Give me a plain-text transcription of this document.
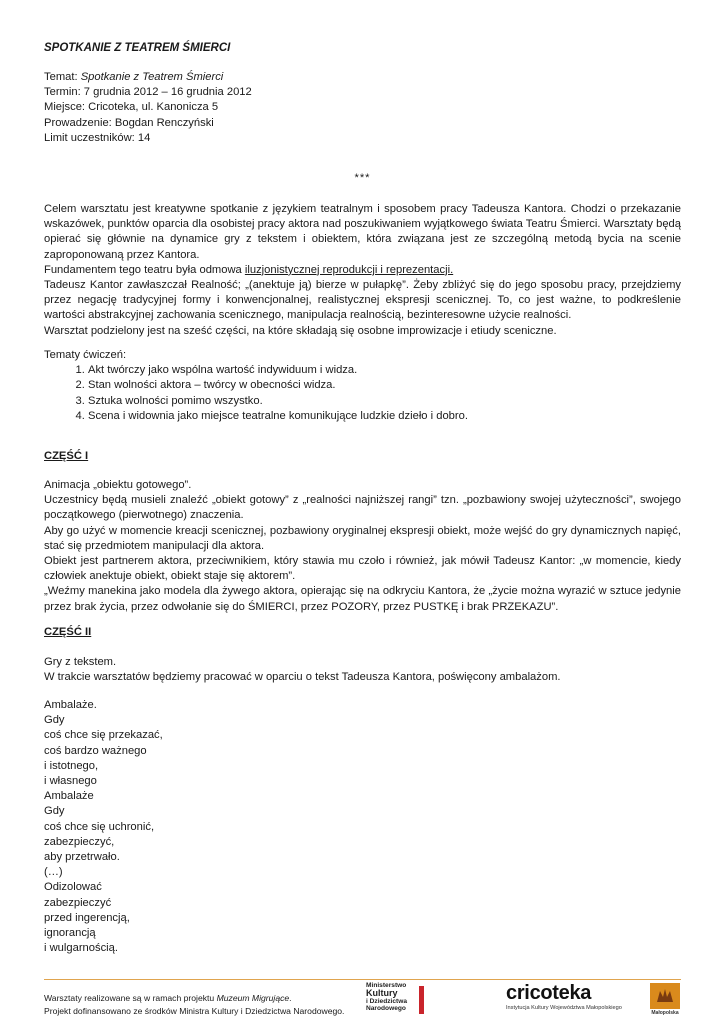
SPOTKANIE Z TEATREM ŚMIERCI
Temat: Spotkanie z Teatrem Śmierci
Termin: 7 grudnia 2012 – 16 grudnia 2012
Miejsce: Cricoteka, ul. Kanonicza 5
Prowadzenie: Bogdan Renczyński
Limit uczestników: 14
***

Celem warsztatu jest kreatywne spotkanie z językiem teatralnym i sposobem pracy Tadeusza Kantora. Chodzi o przekazanie wskazówek, punktów oparcia dla osobistej pracy aktora nad poszukiwaniem wyjątkowego świata Teatru Śmierci. Warsztaty będą opierać się głównie na dynamice gry z tekstem i obiektem, która związana jest ze szczególną metodą bycia na scenie zaproponowaną przez Kantora.

Fundamentem tego teatru była odmowa iluzjonistycznej reprodukcji i reprezentacji.

Tadeusz Kantor zawłaszczał Realność; „(anektuje ją) bierze w pułapkę”. Żeby zbliżyć się do jego sposobu pracy, przejdziemy przez negację tradycyjnej formy i konwencjonalnej, realistycznej ekspresji scenicznej. To, co jest ważne, to podkreślenie wartości abstrakcyjnej zachowania scenicznego, manipulacja realnością, bezinteresowne użycie realności.

Warsztat podzielony jest na sześć części, na które składają się osobne improwizacje i etiudy sceniczne.

Tematy ćwiczeń:
1. Akt twórczy jako wspólna wartość indywiduum i widza.
2. Stan wolności aktora – twórcy w obecności widza.
3. Sztuka wolności pomimo wszystko.
4. Scena i widownia jako miejsce teatralne komunikujące ludzkie dzieło i dobro.
CZĘŚĆ I

Animacja „obiektu gotowego”.

Uczestnicy będą musieli znaleźć „obiekt gotowy” z „realności najniższej rangi” tzn. „pozbawiony swojej użyteczności”, swojego początkowego (pierwotnego) znaczenia.

Aby go użyć w momencie kreacji scenicznej, pozbawiony oryginalnej ekspresji obiekt, może wejść do gry dynamicznych napięć, stać się przedmiotem manipulacji dla aktora.

Obiekt jest partnerem aktora, przeciwnikiem, który stawia mu czoło i również, jak mówił Tadeusz Kantor: „w momencie, kiedy człowiek anektuje obiekt, obiekt staje się aktorem”.

„Weźmy manekina jako modela dla żywego aktora, opierając się na odkryciu Kantora, że „życie można wyrazić w sztuce jedynie przez brak życia, przez odwołanie się do ŚMIERCI, przez POZORY, przez PUSTKĘ i brak PRZEKAZU”.

CZĘŚĆ II

Gry z tekstem.

W trakcie warsztatów będziemy pracować w oparciu o tekst Tadeusza Kantora, poświęcony ambalażom.

Ambalaże.
Gdy
coś chce się przekazać,
coś bardzo ważnego
i istotnego,
i własnego
Ambalaże
Gdy
coś chce się uchronić,
zabezpieczyć,
aby przetrwało.
(…)
Odizolować
zabezpieczyć
przed ingerencją,
ignorancją
i wulgarnością.
Warsztaty realizowane są w ramach projektu Muzeum Migrujące.
Projekt dofinansowano ze środków Ministra Kultury i Dziedzictwa Narodowego.
Ministerstwo
Kultury
i Dziedzictwa
Narodowego
cricoteka
Instytucja Kultury Województwa Małopolskiego
Małopolska
